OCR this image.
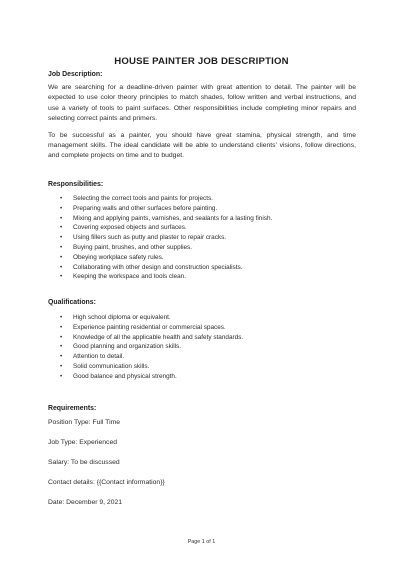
HOUSE PAINTER JOB DESCRIPTION

Job Description:

We are searching for a deadline-driven painter with great attention to detail. The painter will be expected to use color theory principles to match shades, follow written and verbal instructions, and use a variety of tools to paint surfaces. Other responsibilities include completing minor repairs and selecting correct paints and primers.

To be successful as a painter, you should have great stamina, physical strength, and time management skills. The ideal candidate will be able to understand clients' visions, follow directions, and complete projects on time and to budget.

Responsibilities:

• Selecting the correct tools and paints for projects.
• Preparing walls and other surfaces before painting.
• Mixing and applying paints, varnishes, and sealants for a lasting finish.
• Covering exposed objects and surfaces.
• Using fillers such as putty and plaster to repair cracks.
• Buying paint, brushes, and other supplies.
• Obeying workplace safety rules.
• Collaborating with other design and construction specialists.
• Keeping the workspace and tools clean.

Qualifications:

• High school diploma or equivalent.
• Experience painting residential or commercial spaces.
• Knowledge of all the applicable health and safety standards.
• Good planning and organization skills.
• Attention to detail.
• Solid communication skills.
• Good balance and physical strength.

Requirements:

Position Type: Full Time

Job Type: Experienced

Salary: To be discussed

Contact details: {{Contact information}}

Date: December 9, 2021

Page 1 of 1
